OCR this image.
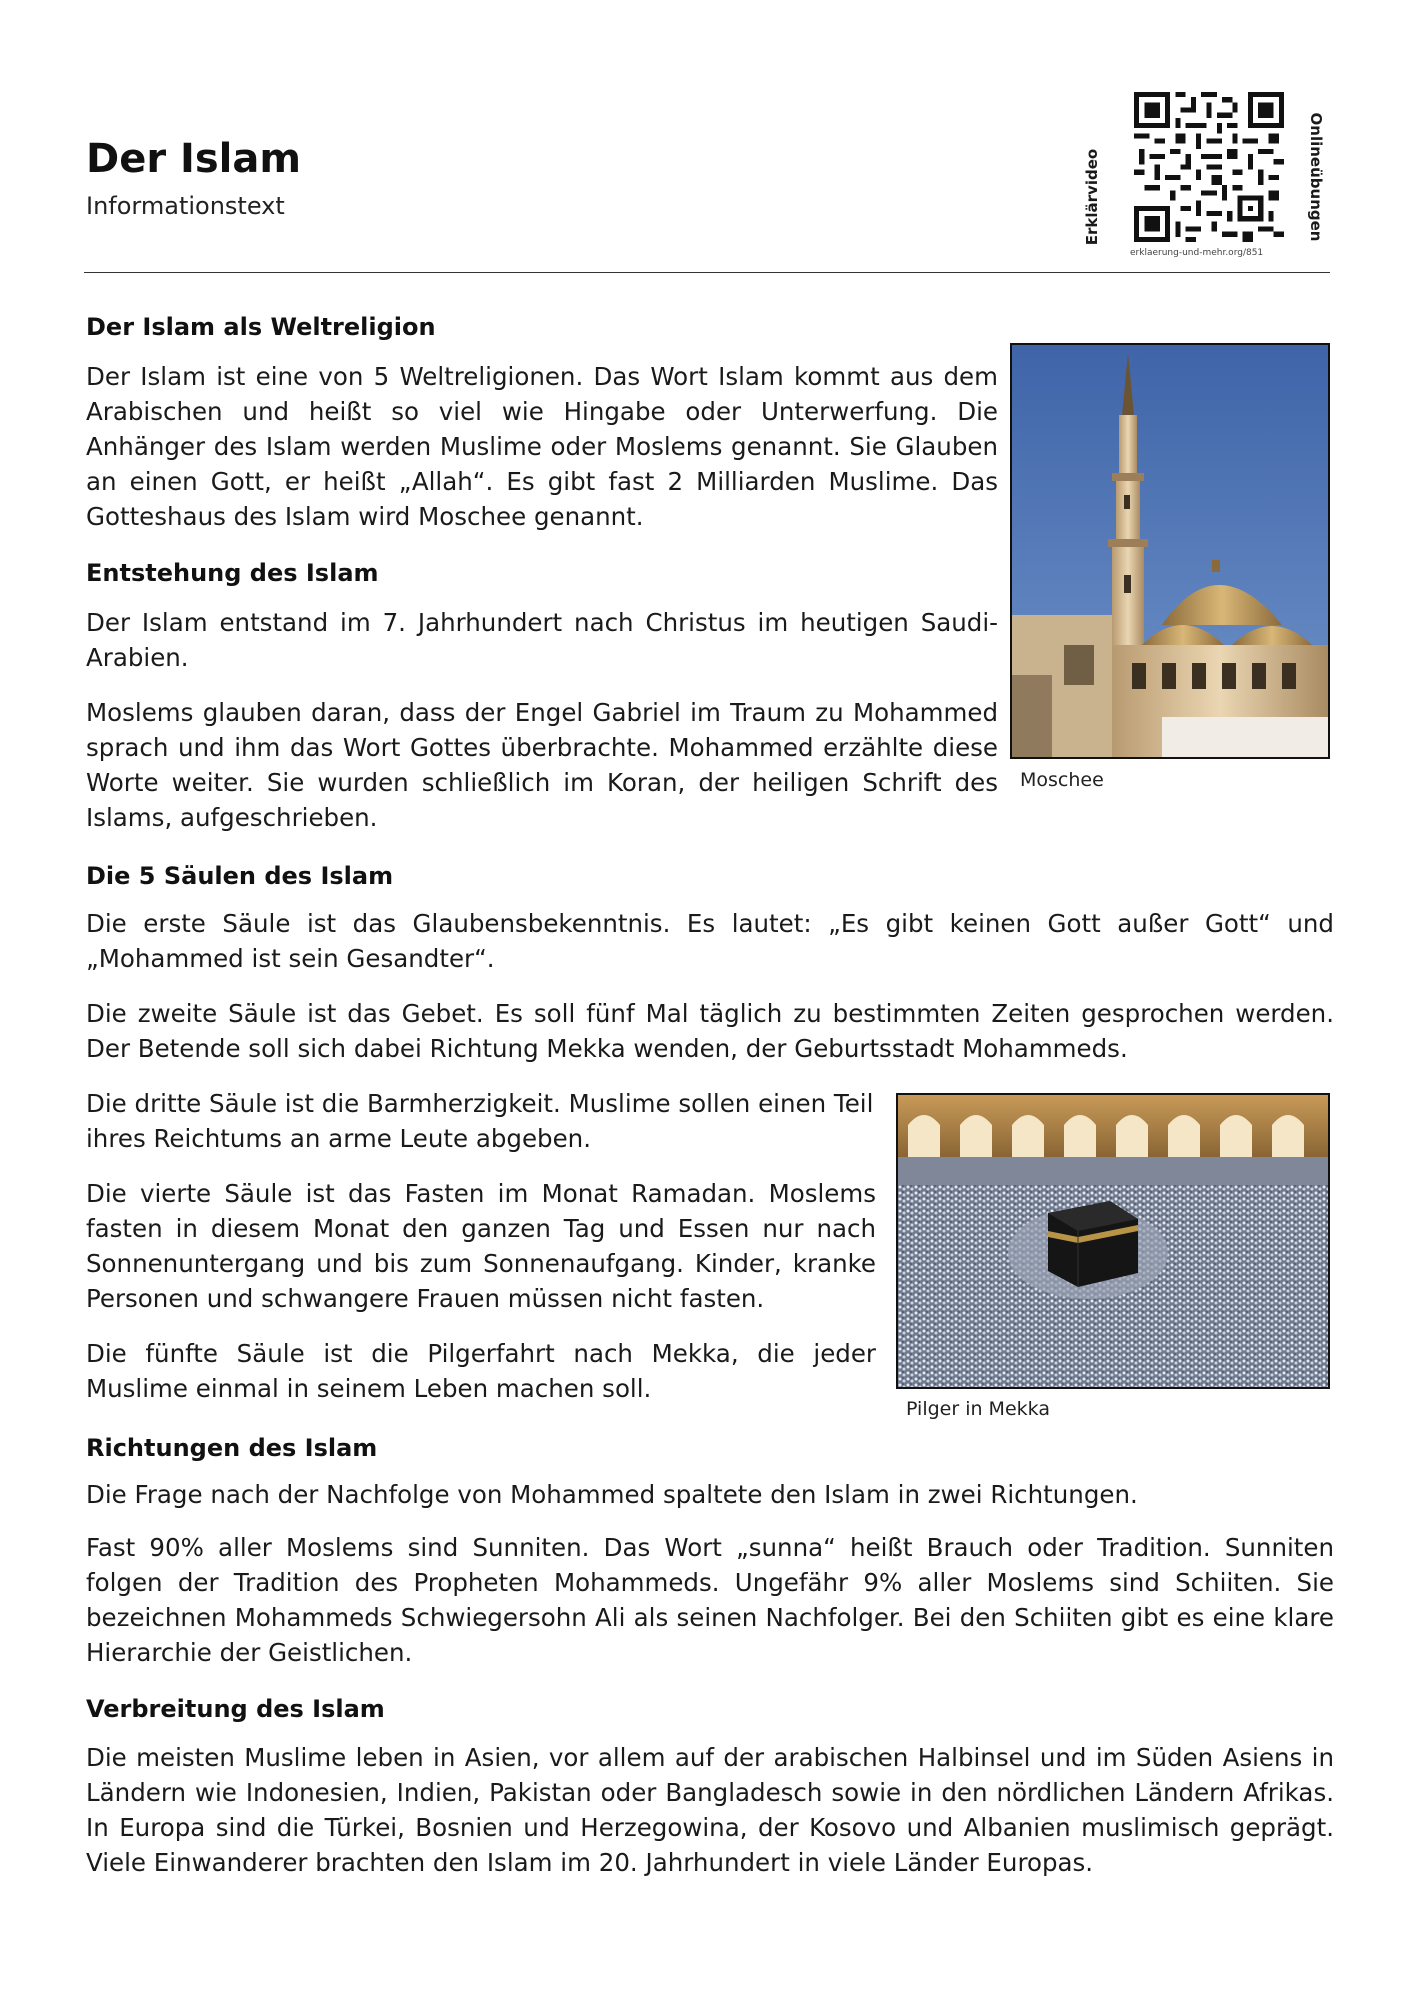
Der Islam
Informationstext	Erklärvideo	Onlineübungen
erklaerung-und-mehr.org/851
Der Islam als Weltreligion

Der Islam ist eine von 5 Weltreligionen. Das Wort Islam kommt aus dem Arabischen und heißt so viel wie Hingabe oder Unterwerfung. Die Anhänger des Islam werden Muslime oder Moslems genannt. Sie Glauben an einen Gott, er heißt „Allah“. Es gibt fast 2 Milliarden Muslime. Das Gotteshaus des Islam wird Moschee genannt.

Moschee
Entstehung des Islam

Der Islam entstand im 7. Jahrhundert nach Christus im heutigen Saudi-Arabien.

Moslems glauben daran, dass der Engel Gabriel im Traum zu Mohammed sprach und ihm das Wort Gottes überbrachte. Mohammed erzählte diese Worte weiter. Sie wurden schließlich im Koran, der heiligen Schrift des Islams, aufgeschrieben.

Die 5 Säulen des Islam

Die erste Säule ist das Glaubensbekenntnis. Es lautet: „Es gibt keinen Gott außer Gott“ und „Mohammed ist sein Gesandter“.

Die zweite Säule ist das Gebet. Es soll fünf Mal täglich zu bestimmten Zeiten gesprochen werden. Der Betende soll sich dabei Richtung Mekka wenden, der Geburtsstadt Mohammeds.

Die dritte Säule ist die Barmherzigkeit. Muslime sollen einen Teil ihres Reichtums an arme Leute abgeben.

Die vierte Säule ist das Fasten im Monat Ramadan. Moslems fasten in diesem Monat den ganzen Tag und Essen nur nach Sonnenuntergang und bis zum Sonnenaufgang. Kinder, kranke Personen und schwangere Frauen müssen nicht fasten.

Die fünfte Säule ist die Pilgerfahrt nach Mekka, die jeder Muslime einmal in seinem Leben machen soll.

Pilger in Mekka
Richtungen des Islam

Die Frage nach der Nachfolge von Mohammed spaltete den Islam in zwei Richtungen.

Fast 90% aller Moslems sind Sunniten. Das Wort „sunna“ heißt Brauch oder Tradition. Sunniten folgen der Tradition des Propheten Mohammeds. Ungefähr 9% aller Moslems sind Schiiten. Sie bezeichnen Mohammeds Schwiegersohn Ali als seinen Nachfolger. Bei den Schiiten gibt es eine klare Hierarchie der Geistlichen.

Verbreitung des Islam

Die meisten Muslime leben in Asien, vor allem auf der arabischen Halbinsel und im Süden Asiens in Ländern wie Indonesien, Indien, Pakistan oder Bangladesch sowie in den nördlichen Ländern Afrikas. In Europa sind die Türkei, Bosnien und Herzegowina, der Kosovo und Albanien muslimisch geprägt. Viele Einwanderer brachten den Islam im 20. Jahrhundert in viele Länder Europas.
